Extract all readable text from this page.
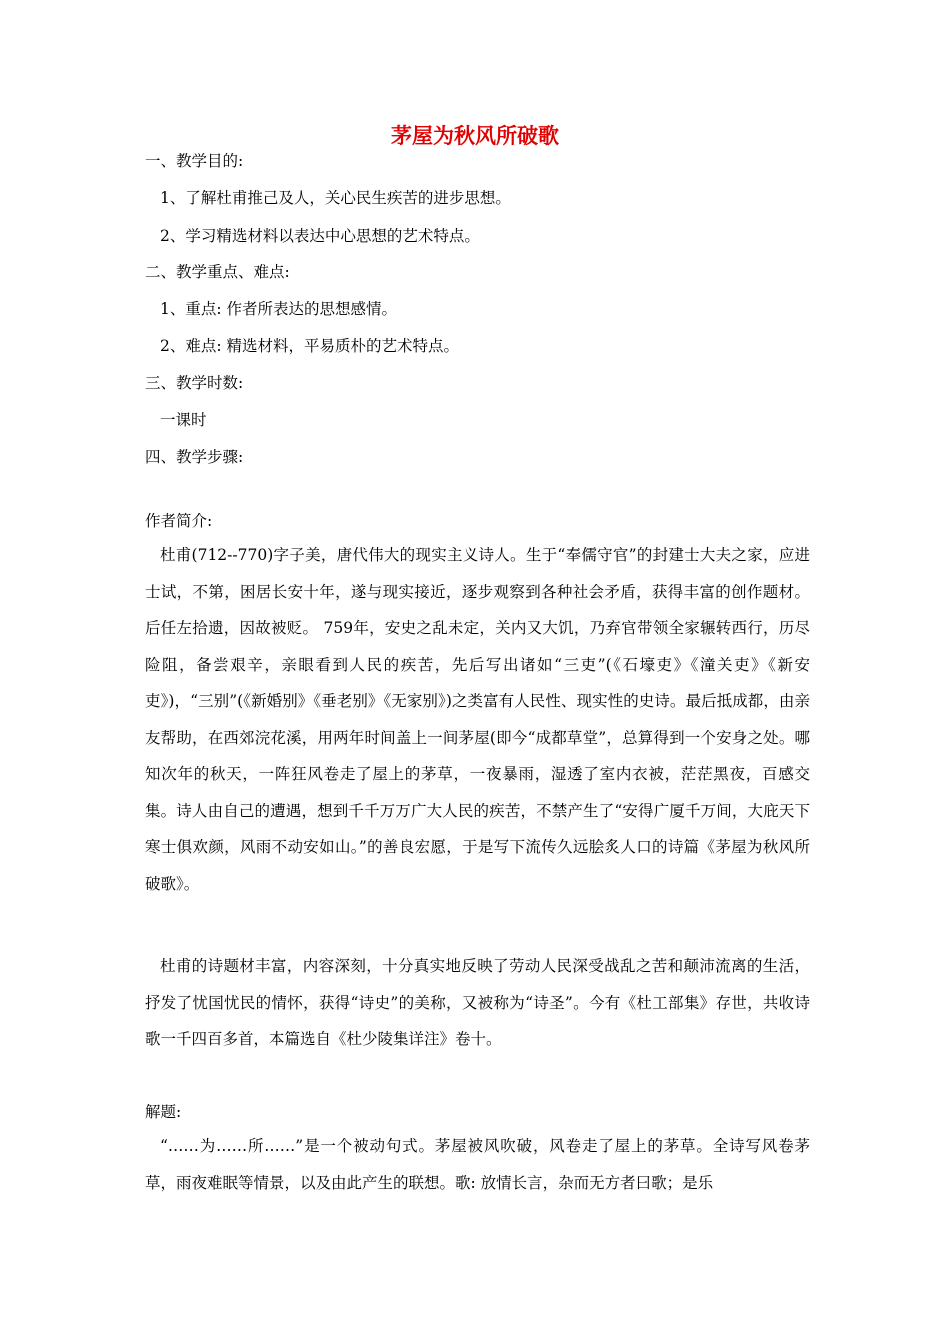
茅屋为秋风所破歌
一、教学目的:
1、了解杜甫推己及人，关心民生疾苦的进步思想。
2、学习精选材料以表达中心思想的艺术特点。
二、教学重点、难点:
1、重点: 作者所表达的思想感情。
2、难点: 精选材料，平易质朴的艺术特点。
三、教学时数:
一课时
四、教学步骤:
作者简介:

杜甫(712--770)字子美，唐代伟大的现实主义诗人。生于“奉儒守官”的封建士大夫之家，应进士试，不第，困居长安十年，遂与现实接近，逐步观察到各种社会矛盾，获得丰富的创作题材。后任左拾遗，因故被贬。 759年，安史之乱未定，关内又大饥，乃弃官带领全家辗转西行，历尽险阻，备尝艰辛，亲眼看到人民的疾苦，先后写出诸如“三吏”(《石壕吏》《潼关吏》《新安吏》)，“三别”(《新婚别》《垂老别》《无家别》)之类富有人民性、现实性的史诗。最后抵成都，由亲友帮助，在西郊浣花溪，用两年时间盖上一间茅屋(即今“成都草堂”，总算得到一个安身之处。哪知次年的秋天，一阵狂风卷走了屋上的茅草，一夜暴雨，湿透了室内衣被，茫茫黑夜，百感交集。诗人由自己的遭遇，想到千千万万广大人民的疾苦，不禁产生了“安得广厦千万间，大庇天下寒士俱欢颜，风雨不动安如山。”的善良宏愿，于是写下流传久远脍炙人口的诗篇《茅屋为秋风所破歌》。

杜甫的诗题材丰富，内容深刻，十分真实地反映了劳动人民深受战乱之苦和颠沛流离的生活，抒发了忧国忧民的情怀，获得“诗史”的美称，又被称为“诗圣”。今有《杜工部集》存世，共收诗歌一千四百多首，本篇选自《杜少陵集详注》卷十。

解题:

“……为……所……”是一个被动句式。茅屋被风吹破，风卷走了屋上的茅草。全诗写风卷茅草，雨夜难眠等情景，以及由此产生的联想。歌: 放情长言，杂而无方者曰歌；是乐
